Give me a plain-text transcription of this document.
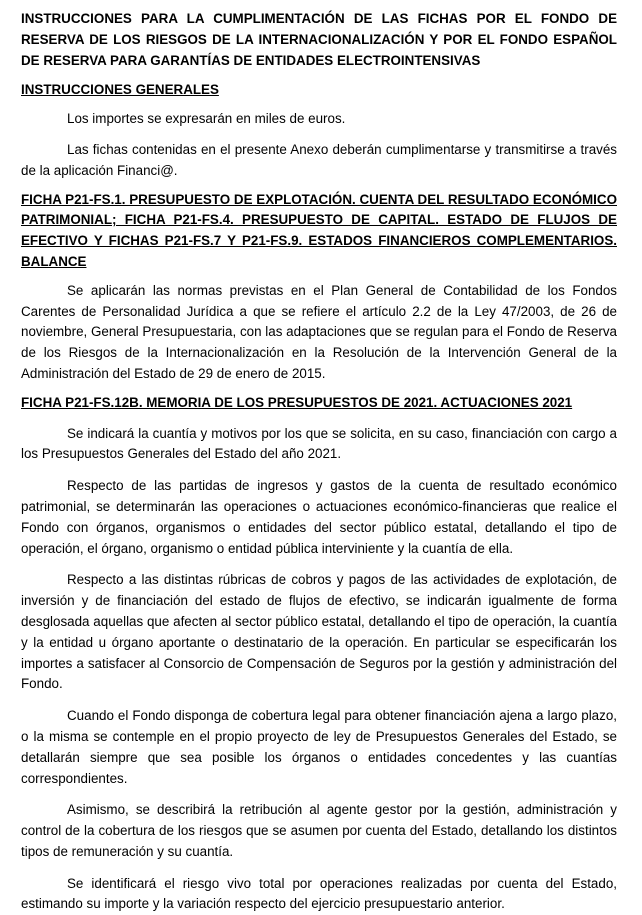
INSTRUCCIONES PARA LA CUMPLIMENTACIÓN DE LAS FICHAS POR EL FONDO DE RESERVA DE LOS RIESGOS DE LA INTERNACIONALIZACIÓN Y POR EL FONDO ESPAÑOL DE RESERVA PARA GARANTÍAS DE ENTIDADES ELECTROINTENSIVAS

INSTRUCCIONES GENERALES

Los importes se expresarán en miles de euros.

Las fichas contenidas en el presente Anexo deberán cumplimentarse y transmitirse a través de la aplicación Financi@.

FICHA P21-FS.1. PRESUPUESTO DE EXPLOTACIÓN. CUENTA DEL RESULTADO ECONÓMICO PATRIMONIAL; FICHA P21-FS.4. PRESUPUESTO DE CAPITAL. ESTADO DE FLUJOS DE EFECTIVO Y FICHAS P21-FS.7 Y P21-FS.9. ESTADOS FINANCIEROS COMPLEMENTARIOS. BALANCE

Se aplicarán las normas previstas en el Plan General de Contabilidad de los Fondos Carentes de Personalidad Jurídica a que se refiere el artículo 2.2 de la Ley 47/2003, de 26 de noviembre, General Presupuestaria, con las adaptaciones que se regulan para el Fondo de Reserva de los Riesgos de la Internacionalización en la Resolución de la Intervención General de la Administración del Estado de 29 de enero de 2015.

FICHA P21-FS.12B. MEMORIA DE LOS PRESUPUESTOS DE 2021. ACTUACIONES 2021

Se indicará la cuantía y motivos por los que se solicita, en su caso, financiación con cargo a los Presupuestos Generales del Estado del año 2021.

Respecto de las partidas de ingresos y gastos de la cuenta de resultado económico patrimonial, se determinarán las operaciones o actuaciones económico-financieras que realice el Fondo con órganos, organismos o entidades del sector público estatal, detallando el tipo de operación, el órgano, organismo o entidad pública interviniente y la cuantía de ella.

Respecto a las distintas rúbricas de cobros y pagos de las actividades de explotación, de inversión y de financiación del estado de flujos de efectivo, se indicarán igualmente de forma desglosada aquellas que afecten al sector público estatal, detallando el tipo de operación, la cuantía y la entidad u órgano aportante o destinatario de la operación. En particular se especificarán los importes a satisfacer al Consorcio de Compensación de Seguros por la gestión y administración del Fondo.

Cuando el Fondo disponga de cobertura legal para obtener financiación ajena a largo plazo, o la misma se contemple en el propio proyecto de ley de Presupuestos Generales del Estado, se detallarán siempre que sea posible los órganos o entidades concedentes y las cuantías correspondientes.

Asimismo, se describirá la retribución al agente gestor por la gestión, administración y control de la cobertura de los riesgos que se asumen por cuenta del Estado, detallando los distintos tipos de remuneración y su cuantía.

Se identificará el riesgo vivo total por operaciones realizadas por cuenta del Estado, estimando su importe y la variación respecto del ejercicio presupuestario anterior.
